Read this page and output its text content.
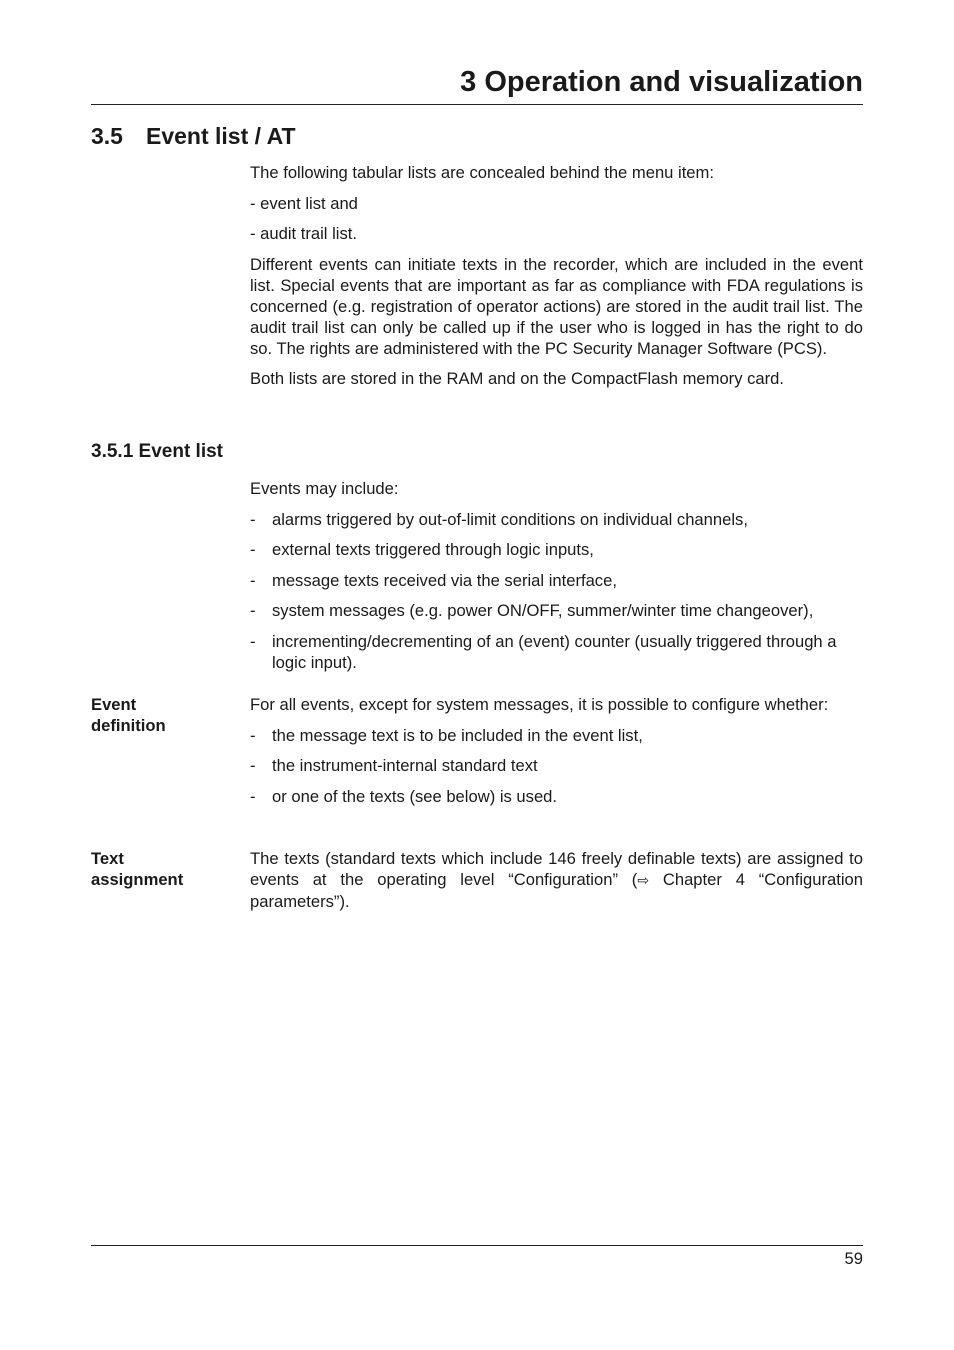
3 Operation and visualization
3.5 Event list / AT

The following tabular lists are concealed behind the menu item:

- event list and

- audit trail list.

Different events can initiate texts in the recorder, which are included in the event list. Special events that are important as far as compliance with FDA regulations is concerned (e.g. registration of operator actions) are stored in the audit trail list. The audit trail list can only be called up if the user who is logged in has the right to do so. The rights are administered with the PC Security Manager Software (PCS).

Both lists are stored in the RAM and on the CompactFlash memory card.

3.5.1 Event list

Events may include:

- alarms triggered by out-of-limit conditions on individual channels,
- external texts triggered through logic inputs,
- message texts received via the serial interface,
- system messages (e.g. power ON/OFF, summer/winter time changeover),
- incrementing/decrementing of an (event) counter (usually triggered through a logic input).
Event
definition

For all events, except for system messages, it is possible to configure whether:

- the message text is to be included in the event list,
- the instrument-internal standard text
- or one of the texts (see below) is used.
Text
assignment

The texts (standard texts which include 146 freely definable texts) are assigned to events at the operating level “Configuration” (⇨ Chapter 4 “Configuration parameters”).

59
